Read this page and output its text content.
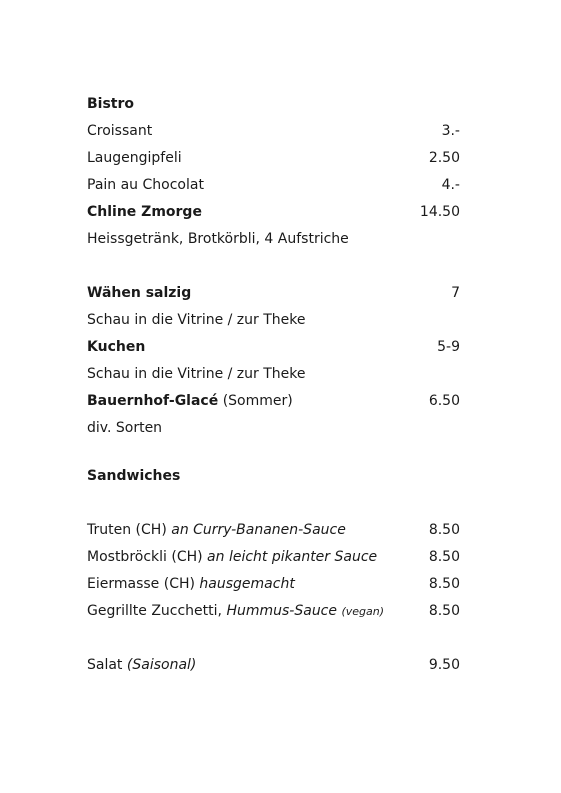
Bistro
Croissant	3.-
Laugengipfeli	2.50
Pain au Chocolat	4.-
Chline Zmorge	14.50
Heissgetränk, Brotkörbli, 4 Aufstriche
Wähen salzig	7
Schau in die Vitrine / zur Theke
Kuchen	5-9
Schau in die Vitrine / zur Theke
Bauernhof-Glacé (Sommer)	6.50
div. Sorten
Sandwiches
Truten (CH) an Curry-Bananen-Sauce	8.50
Mostbröckli (CH) an leicht pikanter Sauce	8.50
Eiermasse (CH) hausgemacht	8.50
Gegrillte Zucchetti, Hummus-Sauce (vegan)	8.50
Salat (Saisonal)	9.50
